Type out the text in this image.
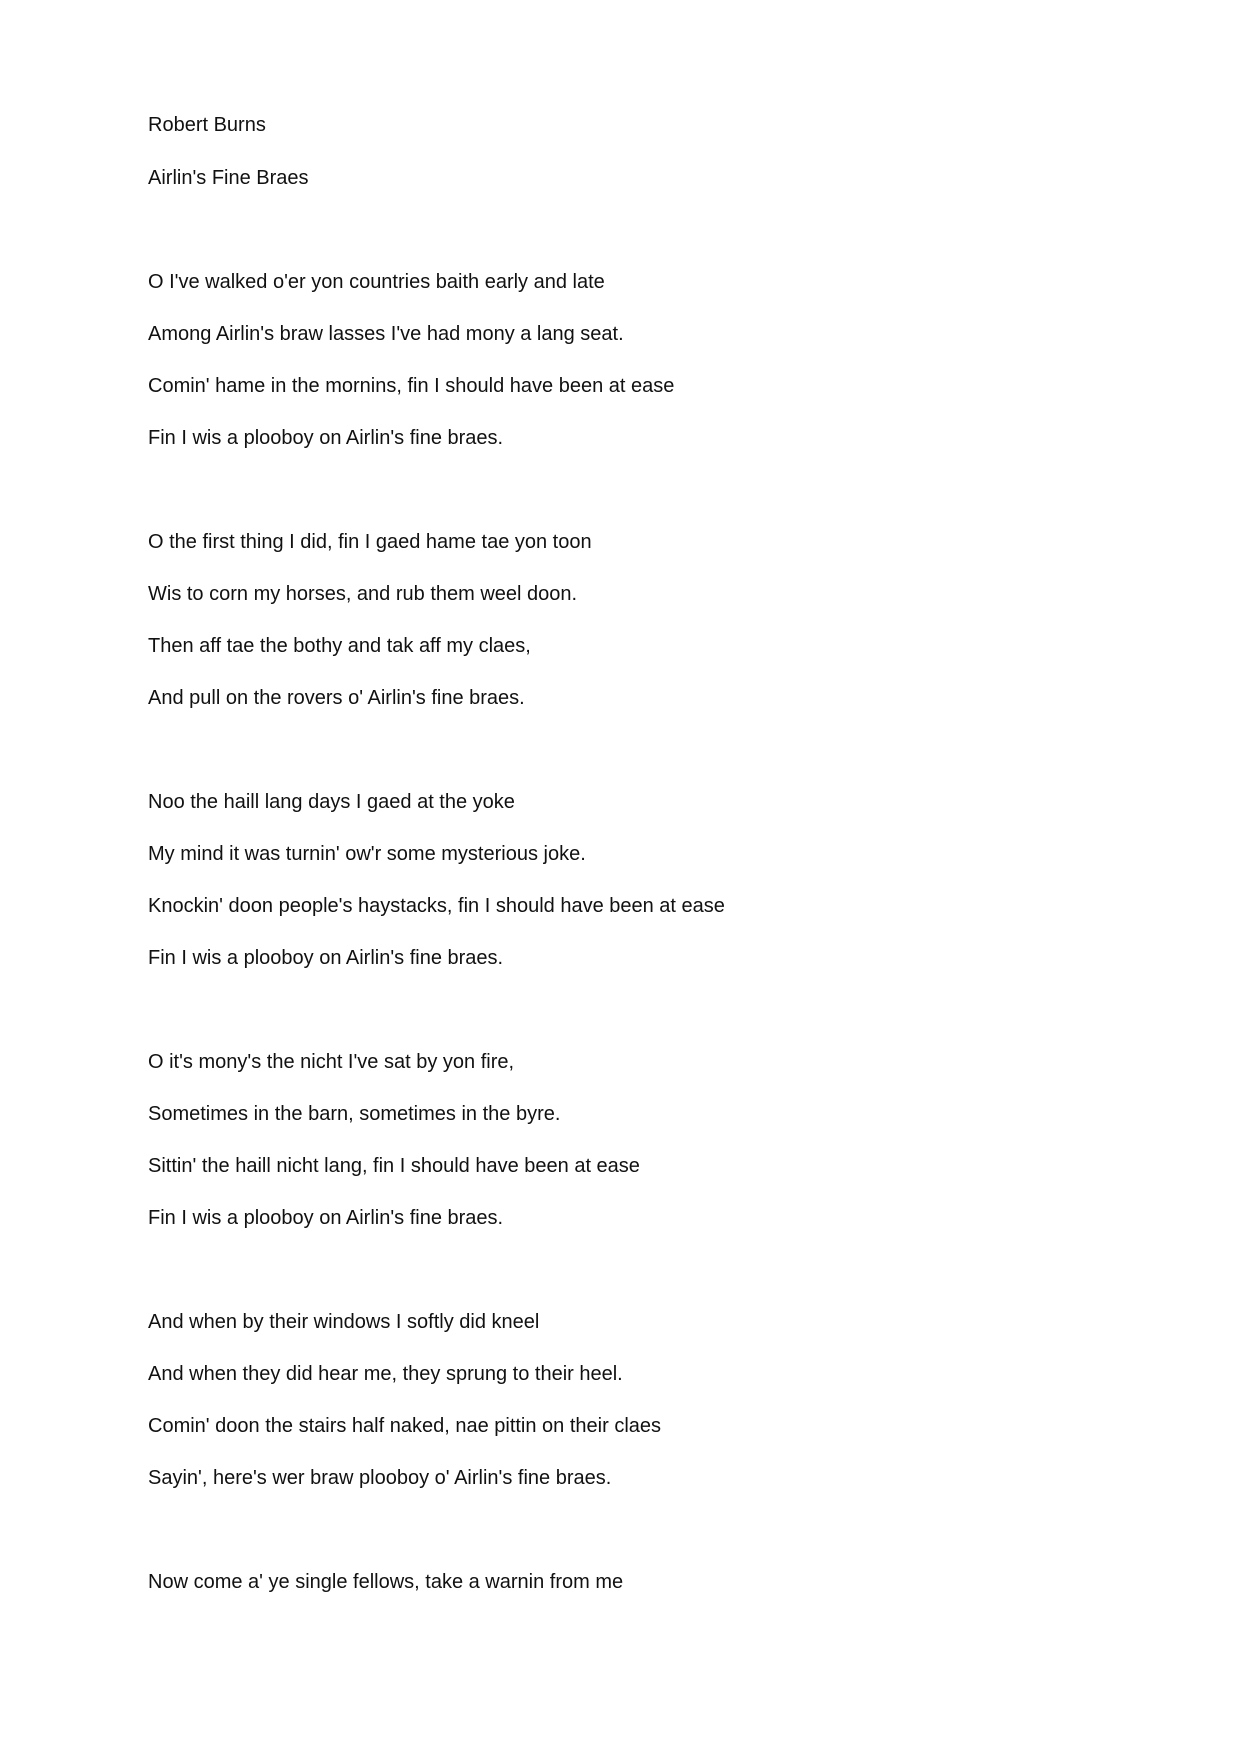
Robert Burns

Airlin's Fine Braes

O I've walked o'er yon countries baith early and late

Among Airlin's braw lasses I've had mony a lang seat.

Comin' hame in the mornins, fin I should have been at ease

Fin I wis a plooboy on Airlin's fine braes.

O the first thing I did, fin I gaed hame tae yon toon

Wis to corn my horses, and rub them weel doon.

Then aff tae the bothy and tak aff my claes,

And pull on the rovers o' Airlin's fine braes.

Noo the haill lang days I gaed at the yoke

My mind it was turnin' ow'r some mysterious joke.

Knockin' doon people's haystacks, fin I should have been at ease

Fin I wis a plooboy on Airlin's fine braes.

O it's mony's the nicht I've sat by yon fire,

Sometimes in the barn, sometimes in the byre.

Sittin' the haill nicht lang, fin I should have been at ease

Fin I wis a plooboy on Airlin's fine braes.

And when by their windows I softly did kneel

And when they did hear me, they sprung to their heel.

Comin' doon the stairs half naked, nae pittin on their claes

Sayin', here's wer braw plooboy o' Airlin's fine braes.

Now come a' ye single fellows, take a warnin from me
